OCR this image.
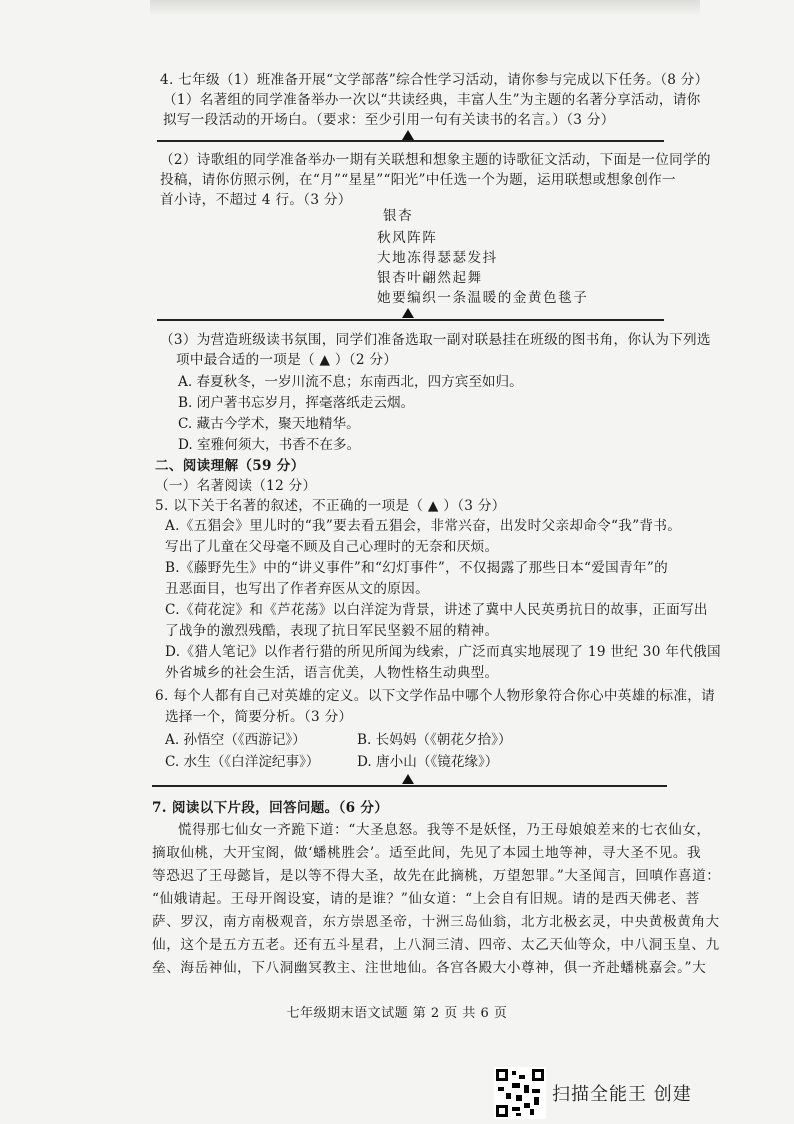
4. 七年级（1）班准备开展“文学部落”综合性学习活动，请你参与完成以下任务。（8 分）
（1）名著组的同学准备举办一次以“共读经典，丰富人生”为主题的名著分享活动，请你
拟写一段活动的开场白。（要求：至少引用一句有关读书的名言。）（3 分）
（2）诗歌组的同学准备举办一期有关联想和想象主题的诗歌征文活动，下面是一位同学的
投稿，请你仿照示例，在“月”“星星”“阳光”中任选一个为题，运用联想或想象创作一
首小诗，不超过 4 行。（3 分）
银杏
秋风阵阵
大地冻得瑟瑟发抖
银杏叶翩然起舞
她要编织一条温暖的金黄色毯子
（3）为营造班级读书氛围，同学们准备选取一副对联悬挂在班级的图书角，你认为下列选
项中最合适的一项是（ ▲ ）（2 分）
A. 春夏秋冬，一岁川流不息；东南西北，四方宾至如归。
B. 闭户著书忘岁月，挥毫落纸走云烟。
C. 藏古今学术，聚天地精华。
D. 室雅何须大，书香不在多。
二、阅读理解（59 分）
（一）名著阅读（12 分）
5. 以下关于名著的叙述，不正确的一项是（ ▲ ）（3 分）
A.《五猖会》里儿时的“我”要去看五猖会，非常兴奋，出发时父亲却命令“我”背书。
写出了儿童在父母毫不顾及自己心理时的无奈和厌烦。
B.《藤野先生》中的“讲义事件”和“幻灯事件”，不仅揭露了那些日本“爱国青年”的
丑恶面目，也写出了作者弃医从文的原因。
C.《荷花淀》和《芦花荡》以白洋淀为背景，讲述了冀中人民英勇抗日的故事，正面写出
了战争的激烈残酷，表现了抗日军民坚毅不屈的精神。
D.《猎人笔记》以作者行猎的所见所闻为线索，广泛而真实地展现了 19 世纪 30 年代俄国
外省城乡的社会生活，语言优美，人物性格生动典型。
6. 每个人都有自己对英雄的定义。以下文学作品中哪个人物形象符合你心中英雄的标准，请
选择一个，简要分析。（3 分）
A. 孙悟空（《西游记》）	B. 长妈妈（《朝花夕拾》）
C. 水生（《白洋淀纪事》）	D. 唐小山（《镜花缘》）
7. 阅读以下片段，回答问题。（6 分）
慌得那七仙女一齐跪下道：“大圣息怒。我等不是妖怪，乃王母娘娘差来的七衣仙女，
摘取仙桃，大开宝阁，做‘蟠桃胜会’。适至此间，先见了本园土地等神，寻大圣不见。我
等恐迟了王母懿旨，是以等不得大圣，故先在此摘桃，万望恕罪。”大圣闻言，回嗔作喜道：
“仙娥请起。王母开阁设宴，请的是谁？”仙女道：“上会自有旧规。请的是西天佛老、菩
萨、罗汉，南方南极观音，东方崇恩圣帝，十洲三岛仙翁，北方北极玄灵，中央黄极黄角大
仙，这个是五方五老。还有五斗星君，上八洞三清、四帝、太乙天仙等众，中八洞玉皇、九
垒、海岳神仙，下八洞幽冥教主、注世地仙。各宫各殿大小尊神，俱一齐赴蟠桃嘉会。”大
七年级期末语文试题 第 2 页 共 6 页
扫描全能王 创建
